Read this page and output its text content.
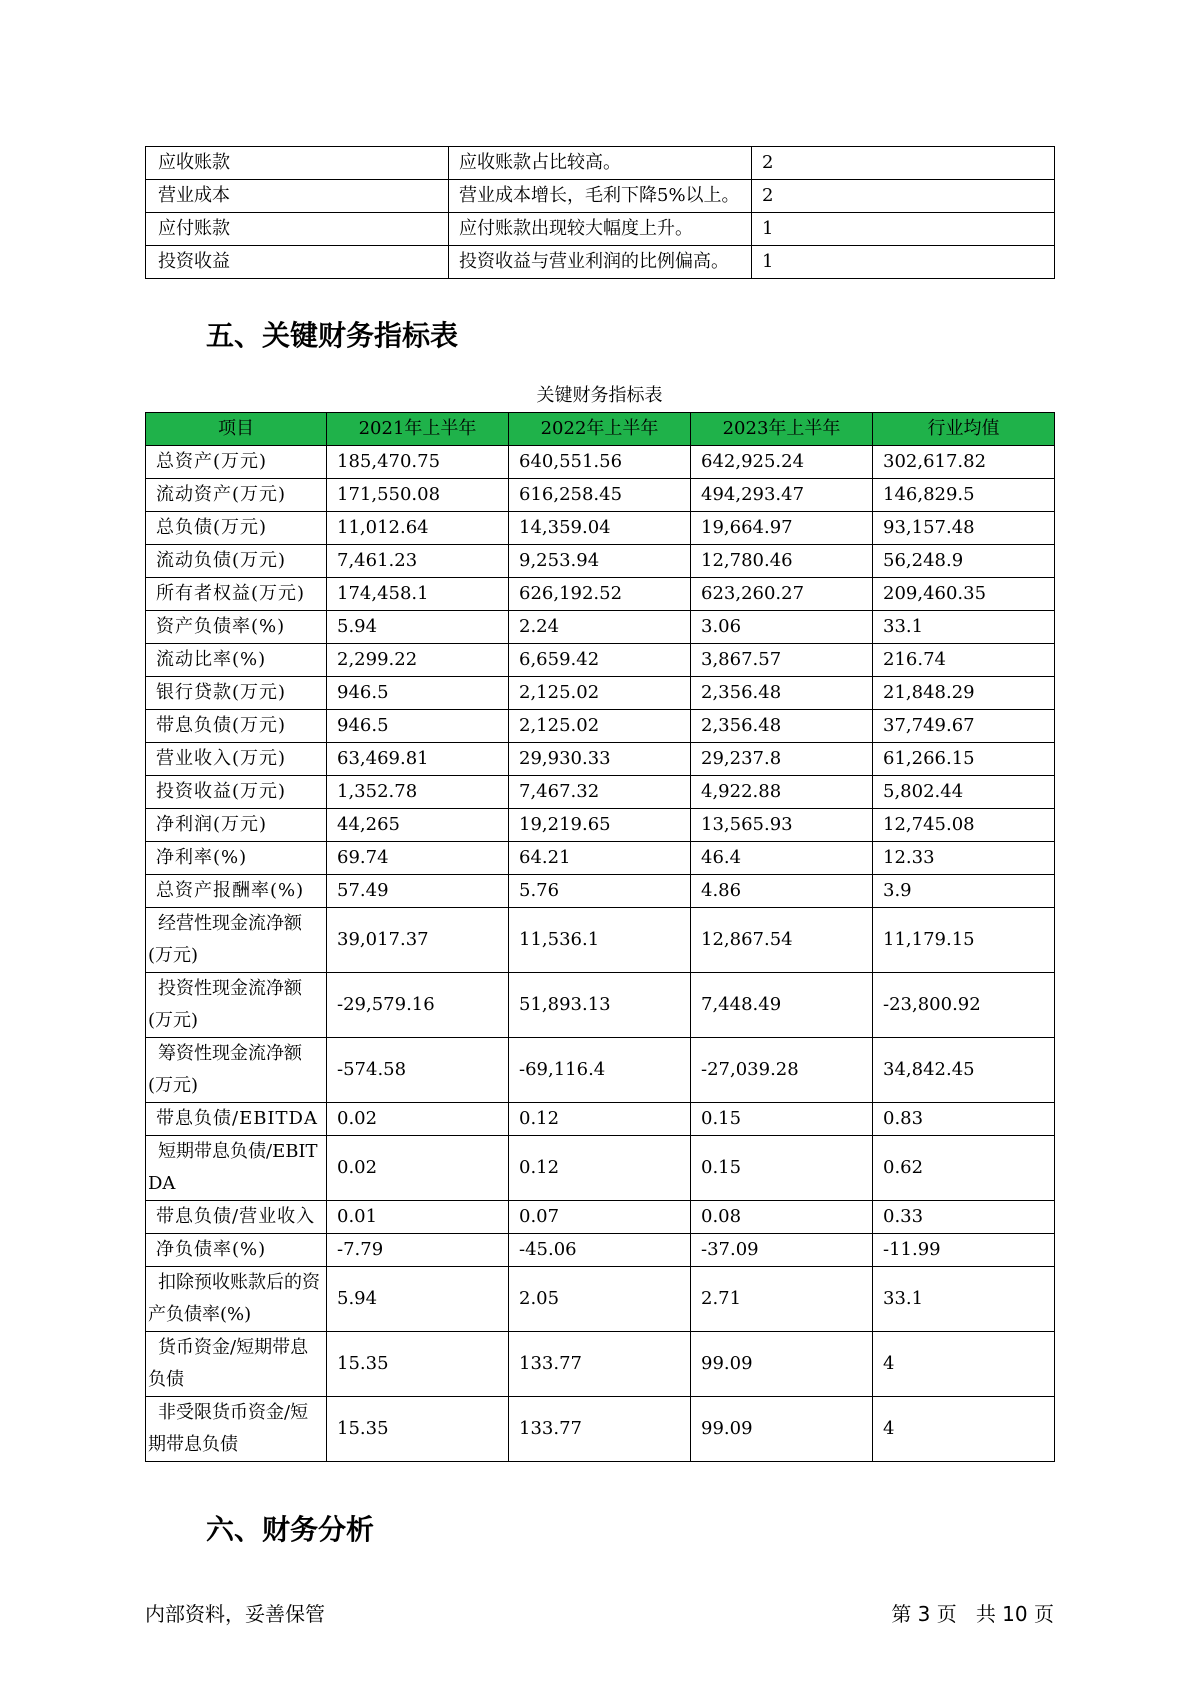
应收账款	应收账款占比较高。	2
营业成本	营业成本增长，毛利下降5%以上。	2
应付账款	应付账款出现较大幅度上升。	1
投资收益	投资收益与营业利润的比例偏高。	1
五、关键财务指标表
关键财务指标表
项目	2021年上半年	2022年上半年	2023年上半年	行业均值
总资产(万元)	185,470.75	640,551.56	642,925.24	302,617.82
流动资产(万元)	171,550.08	616,258.45	494,293.47	146,829.5
总负债(万元)	11,012.64	14,359.04	19,664.97	93,157.48
流动负债(万元)	7,461.23	9,253.94	12,780.46	56,248.9
所有者权益(万元)	174,458.1	626,192.52	623,260.27	209,460.35
资产负债率(%)	5.94	2.24	3.06	33.1
流动比率(%)	2,299.22	6,659.42	3,867.57	216.74
银行贷款(万元)	946.5	2,125.02	2,356.48	21,848.29
带息负债(万元)	946.5	2,125.02	2,356.48	37,749.67
营业收入(万元)	63,469.81	29,930.33	29,237.8	61,266.15
投资收益(万元)	1,352.78	7,467.32	4,922.88	5,802.44
净利润(万元)	44,265	19,219.65	13,565.93	12,745.08
净利率(%)	69.74	64.21	46.4	12.33
总资产报酬率(%)	57.49	5.76	4.86	3.9
经营性现金流净额(万元)	39,017.37	11,536.1	12,867.54	11,179.15
投资性现金流净额(万元)	-29,579.16	51,893.13	7,448.49	-23,800.92
筹资性现金流净额(万元)	-574.58	-69,116.4	-27,039.28	34,842.45
带息负债/EBITDA	0.02	0.12	0.15	0.83
短期带息负债/EBITDA	0.02	0.12	0.15	0.62
带息负债/营业收入	0.01	0.07	0.08	0.33
净负债率(%)	-7.79	-45.06	-37.09	-11.99
扣除预收账款后的资产负债率(%)	5.94	2.05	2.71	33.1
货币资金/短期带息负债	15.35	133.77	99.09	4
非受限货币资金/短期带息负债	15.35	133.77	99.09	4
六、财务分析
内部资料，妥善保管	第 3 页   共 10 页
